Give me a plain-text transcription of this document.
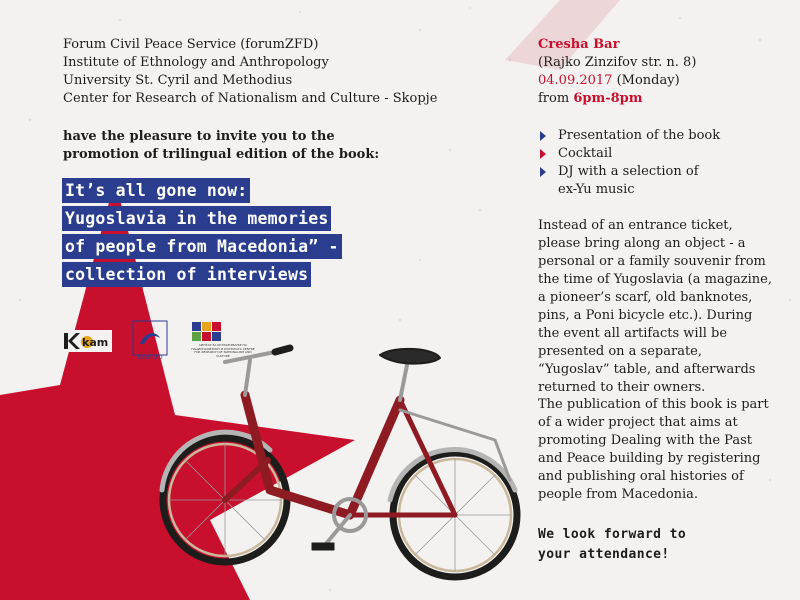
Forum Civil Peace Service (forumZFD)
Institute of Ethnology and Anthropology
University St. Cyril and Methodius
Center for Research of Nationalism and Culture - Skopje
have the pleasure to invite you to the
promotion of trilingual edition of the book:
It’s all gone now:
Yugoslavia in the memories
of people from Macedonia” -
collection of interviews
kam
forumZFD
ЦЕНТАР ЗА ИСТРАЖУВАЊЕ НА НАЦИОНАЛИЗМОТ И КУЛТУРАТА CENTRE FOR RESEARCH OF NATIONALISM AND CULTURE
Cresha Bar
(Rajko Zinzifov str. n. 8)
04.09.2017 (Monday)
from 6pm-8pm
Presentation of the book
Cocktail
DJ with a selection of ex-Yu music
Instead of an entrance ticket, please bring along an object - a personal or a family souvenir from the time of Yugoslavia (a magazine, a pioneer’s scarf, old banknotes, pins, a Poni bicycle etc.). During the event all artifacts will be presented on a separate, “Yugoslav” table, and afterwards returned to their owners.
The publication of this book is part of a wider project that aims at promoting Dealing with the Past and Peace building by registering and publishing oral histories of people from Macedonia.
We look forward to
your attendance!
